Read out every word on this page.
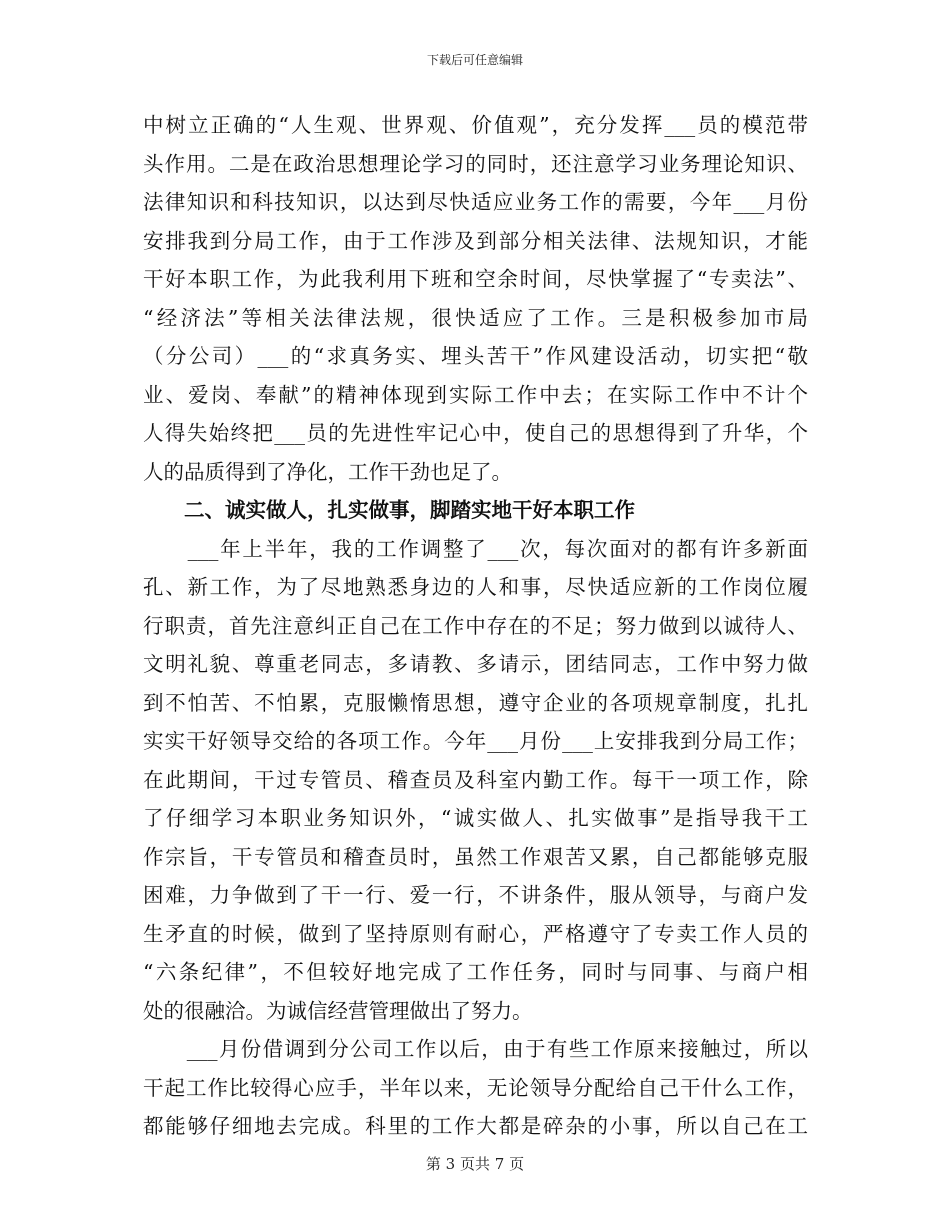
下载后可任意编辑
中树立正确的“人生观、世界观、价值观”，充分发挥___员的模范带
头作用。二是在政治思想理论学习的同时，还注意学习业务理论知识、
法律知识和科技知识，以达到尽快适应业务工作的需要，今年___月份
安排我到分局工作，由于工作涉及到部分相关法律、法规知识，才能
干好本职工作，为此我利用下班和空余时间，尽快掌握了“专卖法”、
“经济法”等相关法律法规，很快适应了工作。三是积极参加市局
（分公司）___的“求真务实、埋头苦干”作风建设活动，切实把“敬
业、爱岗、奉献”的精神体现到实际工作中去；在实际工作中不计个
人得失始终把___员的先进性牢记心中，使自己的思想得到了升华，个
人的品质得到了净化，工作干劲也足了。
　　二、诚实做人，扎实做事，脚踏实地干好本职工作
　　___年上半年，我的工作调整了___次，每次面对的都有许多新面
孔、新工作，为了尽地熟悉身边的人和事，尽快适应新的工作岗位履
行职责，首先注意纠正自己在工作中存在的不足；努力做到以诚待人、
文明礼貌、尊重老同志，多请教、多请示，团结同志，工作中努力做
到不怕苦、不怕累，克服懒惰思想，遵守企业的各项规章制度，扎扎
实实干好领导交给的各项工作。今年___月份___上安排我到分局工作；
在此期间，干过专管员、稽查员及科室内勤工作。每干一项工作，除
了仔细学习本职业务知识外，“诚实做人、扎实做事”是指导我干工
作宗旨，干专管员和稽查员时，虽然工作艰苦又累，自己都能够克服
困难，力争做到了干一行、爱一行，不讲条件，服从领导，与商户发
生矛直的时候，做到了坚持原则有耐心，严格遵守了专卖工作人员的
“六条纪律”，不但较好地完成了工作任务，同时与同事、与商户相
处的很融洽。为诚信经营管理做出了努力。
　　___月份借调到分公司工作以后，由于有些工作原来接触过，所以
干起工作比较得心应手，半年以来，无论领导分配给自己干什么工作，
都能够仔细地去完成。科里的工作大都是碎杂的小事，所以自己在工
第 3 页共 7 页
